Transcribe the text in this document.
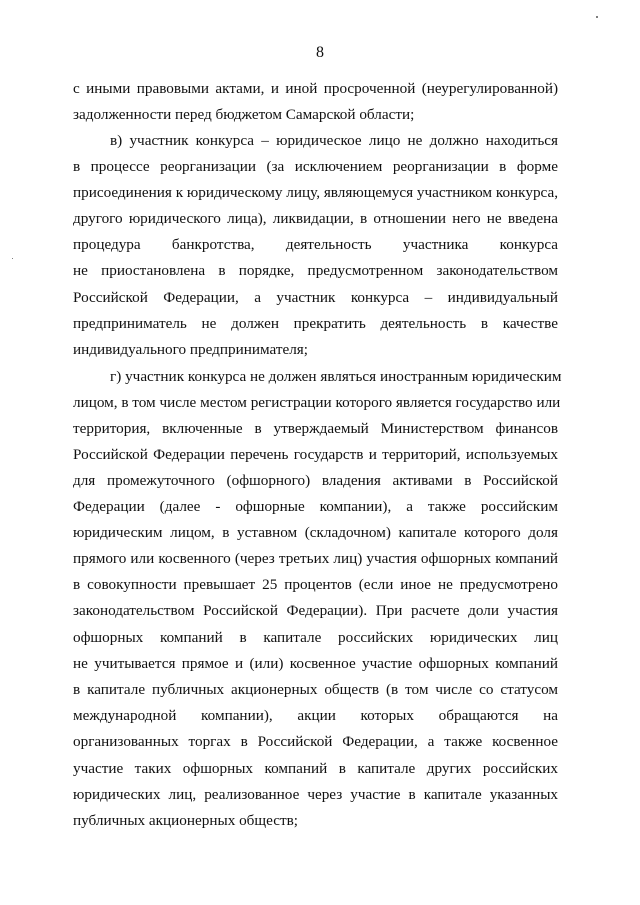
8
с иными правовыми актами, и иной просроченной (неурегулированной)
задолженности перед бюджетом Самарской области;
в) участник конкурса – юридическое лицо не должно находиться
в процессе реорганизации (за исключением реорганизации в форме
присоединения к юридическому лицу, являющемуся участником конкурса,
другого юридического лица), ликвидации, в отношении него не введена
процедура банкротства, деятельность участника конкурса
не приостановлена в порядке, предусмотренном законодательством
Российской Федерации, а участник конкурса – индивидуальный
предприниматель не должен прекратить деятельность в качестве
индивидуального предпринимателя;
г) участник конкурса не должен являться иностранным юридическим
лицом, в том числе местом регистрации которого является государство или
территория, включенные в утверждаемый Министерством финансов
Российской Федерации перечень государств и территорий, используемых
для промежуточного (офшорного) владения активами в Российской
Федерации (далее - офшорные компании), а также российским
юридическим лицом, в уставном (складочном) капитале которого доля
прямого или косвенного (через третьих лиц) участия офшорных компаний
в совокупности превышает 25 процентов (если иное не предусмотрено
законодательством Российской Федерации). При расчете доли участия
офшорных компаний в капитале российских юридических лиц
не учитывается прямое и (или) косвенное участие офшорных компаний
в капитале публичных акционерных обществ (в том числе со статусом
международной компании), акции которых обращаются на
организованных торгах в Российской Федерации, а также косвенное
участие таких офшорных компаний в капитале других российских
юридических лиц, реализованное через участие в капитале указанных
публичных акционерных обществ;
